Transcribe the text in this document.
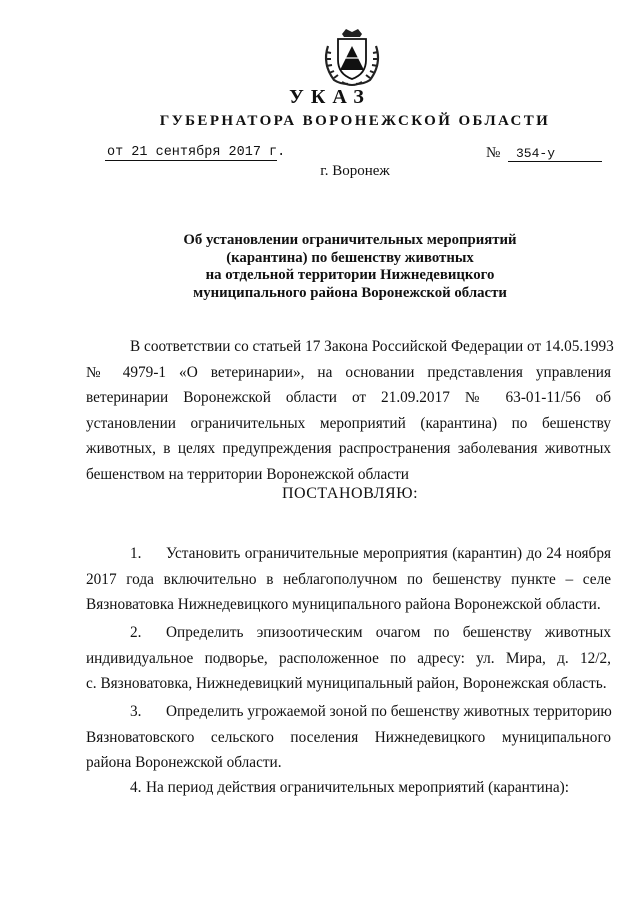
УКАЗ
ГУБЕРНАТОРА ВОРОНЕЖСКОЙ ОБЛАСТИ
от 21 сентября 2017 г.	№ 354-у
г. Воронеж
Об установлении ограничительных мероприятий
(карантина) по бешенству животных
на отдельной территории Нижнедевицкого
муниципального района Воронежской области
В соответствии со статьей 17 Закона Российской Федерации от 14.05.1993
№ 4979-1 «О ветеринарии», на основании представления управления
ветеринарии Воронежской области от 21.09.2017 № 63-01-11/56 об
установлении ограничительных мероприятий (карантина) по бешенству
животных, в целях предупреждения распространения заболевания животных
бешенством на территории Воронежской области
ПОСТАНОВЛЯЮ:
1. Установить ограничительные мероприятия (карантин) до 24 ноября
2017 года включительно в неблагополучном по бешенству пункте – селе
Вязноватовка Нижнедевицкого муниципального района Воронежской области.
2. Определить эпизоотическим очагом по бешенству животных
индивидуальное подворье, расположенное по адресу: ул. Мира, д. 12/2,
с. Вязноватовка, Нижнедевицкий муниципальный район, Воронежская область.
3. Определить угрожаемой зоной по бешенству животных территорию
Вязноватовского сельского поселения Нижнедевицкого муниципального
района Воронежской области.
4. На период действия ограничительных мероприятий (карантина):
